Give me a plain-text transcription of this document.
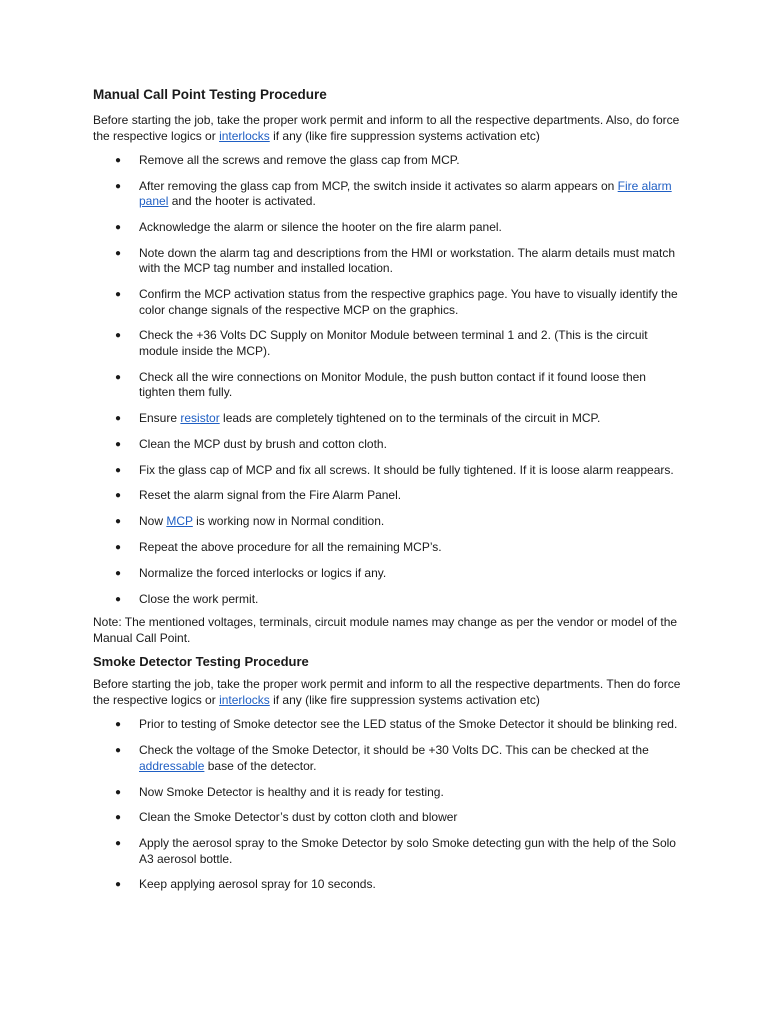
Manual Call Point Testing Procedure

Before starting the job, take the proper work permit and inform to all the respective departments. Also, do force the respective logics or interlocks if any (like fire suppression systems activation etc)

● Remove all the screws and remove the glass cap from MCP.
● After removing the glass cap from MCP, the switch inside it activates so alarm appears on Fire alarm panel and the hooter is activated.
● Acknowledge the alarm or silence the hooter on the fire alarm panel.
● Note down the alarm tag and descriptions from the HMI or workstation. The alarm details must match with the MCP tag number and installed location.
● Confirm the MCP activation status from the respective graphics page. You have to visually identify the color change signals of the respective MCP on the graphics.
● Check the +36 Volts DC Supply on Monitor Module between terminal 1 and 2. (This is the circuit module inside the MCP).
● Check all the wire connections on Monitor Module, the push button contact if it found loose then tighten them fully.
● Ensure resistor leads are completely tightened on to the terminals of the circuit in MCP.
● Clean the MCP dust by brush and cotton cloth.
● Fix the glass cap of MCP and fix all screws. It should be fully tightened. If it is loose alarm reappears.
● Reset the alarm signal from the Fire Alarm Panel.
● Now MCP is working now in Normal condition.
● Repeat the above procedure for all the remaining MCP’s.
● Normalize the forced interlocks or logics if any.
● Close the work permit.

Note: The mentioned voltages, terminals, circuit module names may change as per the vendor or model of the Manual Call Point.

Smoke Detector Testing Procedure

Before starting the job, take the proper work permit and inform to all the respective departments. Then do force the respective logics or interlocks if any (like fire suppression systems activation etc)

● Prior to testing of Smoke detector see the LED status of the Smoke Detector it should be blinking red.
● Check the voltage of the Smoke Detector, it should be +30 Volts DC. This can be checked at the addressable base of the detector.
● Now Smoke Detector is healthy and it is ready for testing.
● Clean the Smoke Detector’s dust by cotton cloth and blower
● Apply the aerosol spray to the Smoke Detector by solo Smoke detecting gun with the help of the Solo A3 aerosol bottle.
● Keep applying aerosol spray for 10 seconds.
